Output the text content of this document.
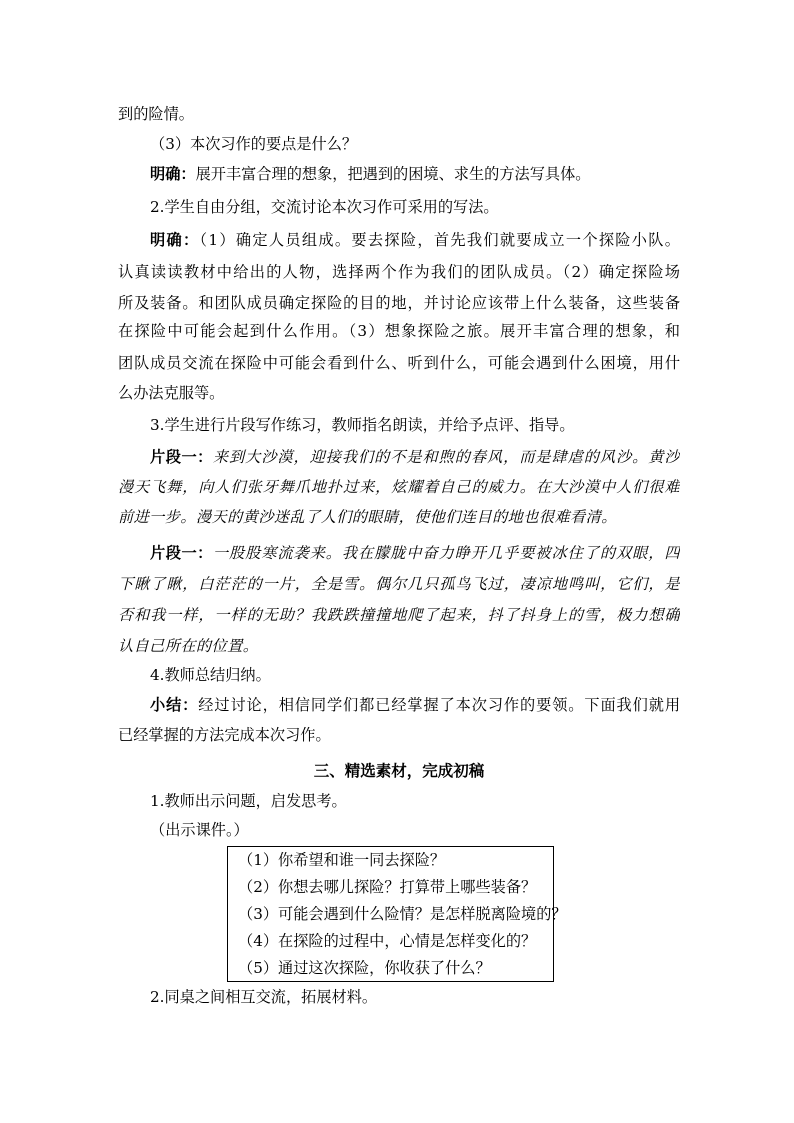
到的险情。
（3）本次习作的要点是什么？
明确：展开丰富合理的想象，把遇到的困境、求生的方法写具体。
2.学生自由分组，交流讨论本次习作可采用的写法。
明确：（1）确定人员组成。要去探险，首先我们就要成立一个探险小队。
认真读读教材中给出的人物，选择两个作为我们的团队成员。（2）确定探险场
所及装备。和团队成员确定探险的目的地，并讨论应该带上什么装备，这些装备
在探险中可能会起到什么作用。（3）想象探险之旅。展开丰富合理的想象，和
团队成员交流在探险中可能会看到什么、听到什么，可能会遇到什么困境，用什
么办法克服等。
3.学生进行片段写作练习，教师指名朗读，并给予点评、指导。
片段一：来到大沙漠，迎接我们的不是和煦的春风，而是肆虐的风沙。黄沙
漫天飞舞，向人们张牙舞爪地扑过来，炫耀着自己的威力。在大沙漠中人们很难
前进一步。漫天的黄沙迷乱了人们的眼睛，使他们连目的地也很难看清。
片段一：一股股寒流袭来。我在朦胧中奋力睁开几乎要被冰住了的双眼，四
下瞅了瞅，白茫茫的一片，全是雪。偶尔几只孤鸟飞过，凄凉地鸣叫，它们，是
否和我一样，一样的无助？我跌跌撞撞地爬了起来，抖了抖身上的雪，极力想确
认自己所在的位置。
4.教师总结归纳。
小结：经过讨论，相信同学们都已经掌握了本次习作的要领。下面我们就用
已经掌握的方法完成本次习作。
三、精选素材，完成初稿
1.教师出示问题，启发思考。
（出示课件。）
（1）你希望和谁一同去探险？
（2）你想去哪儿探险？打算带上哪些装备？
（3）可能会遇到什么险情？是怎样脱离险境的？
（4）在探险的过程中，心情是怎样变化的？
（5）通过这次探险，你收获了什么？
2.同桌之间相互交流，拓展材料。
